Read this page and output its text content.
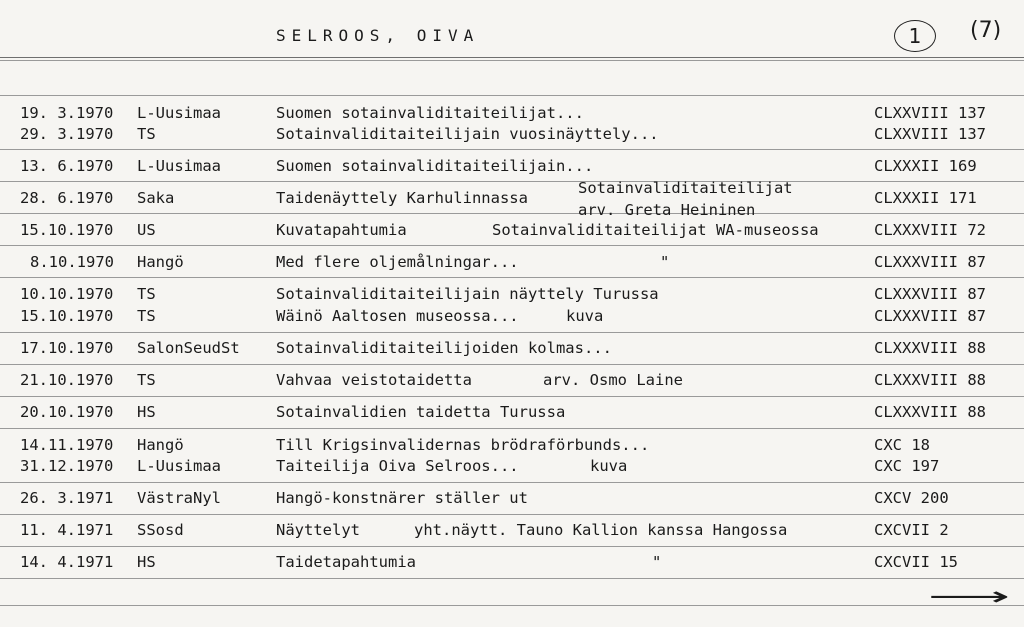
SELROOS, OIVA	1	(7)
19. 3.1970 L-Uusimaa	Suomen sotainvaliditaiteilijat...	CLXXVIII 137
29. 3.1970 TS	Sotainvaliditaiteilijain vuosinäyttely...	CLXXVIII 137
13. 6.1970 L-Uusimaa	Suomen sotainvaliditaiteilijain...	CLXXXII 169
28. 6.1970 Saka	Taidenäyttely Karhulinnassa	CLXXXII 171
Sotainvaliditaiteilijat
arv. Greta Heininen
15.10.1970 US	Kuvatapahtumia	Sotainvaliditaiteilijat WA-museossa	CLXXXVIII 72
8.10.1970 Hangö	Med flere oljemålningar...	"	CLXXXVIII 87
10.10.1970 TS	Sotainvaliditaiteilijain näyttely Turussa	CLXXXVIII 87
15.10.1970 TS	Wäinö Aaltosen museossa...	kuva	CLXXXVIII 87
17.10.1970 SalonSeudSt Sotainvaliditaiteilijoiden kolmas...	CLXXXVIII 88
21.10.1970 TS	Vahvaa veistotaidetta	arv. Osmo Laine	CLXXXVIII 88
20.10.1970 HS	Sotainvalidien taidetta Turussa	CLXXXVIII 88
14.11.1970 Hangö	Till Krigsinvalidernas brödraförbunds...	CXC 18
31.12.1970 L-Uusimaa	Taiteilija Oiva Selroos...	kuva	CXC 197
26. 3.1971 VästraNyl	Hangö-konstnärer ställer ut	CXCV 200
11. 4.1971 SSosd	Näyttelyt	yht.näytt. Tauno Kallion kanssa Hangossa	CXCVII 2
14. 4.1971 HS	Taidetapahtumia	"	CXCVII 15
⟶
